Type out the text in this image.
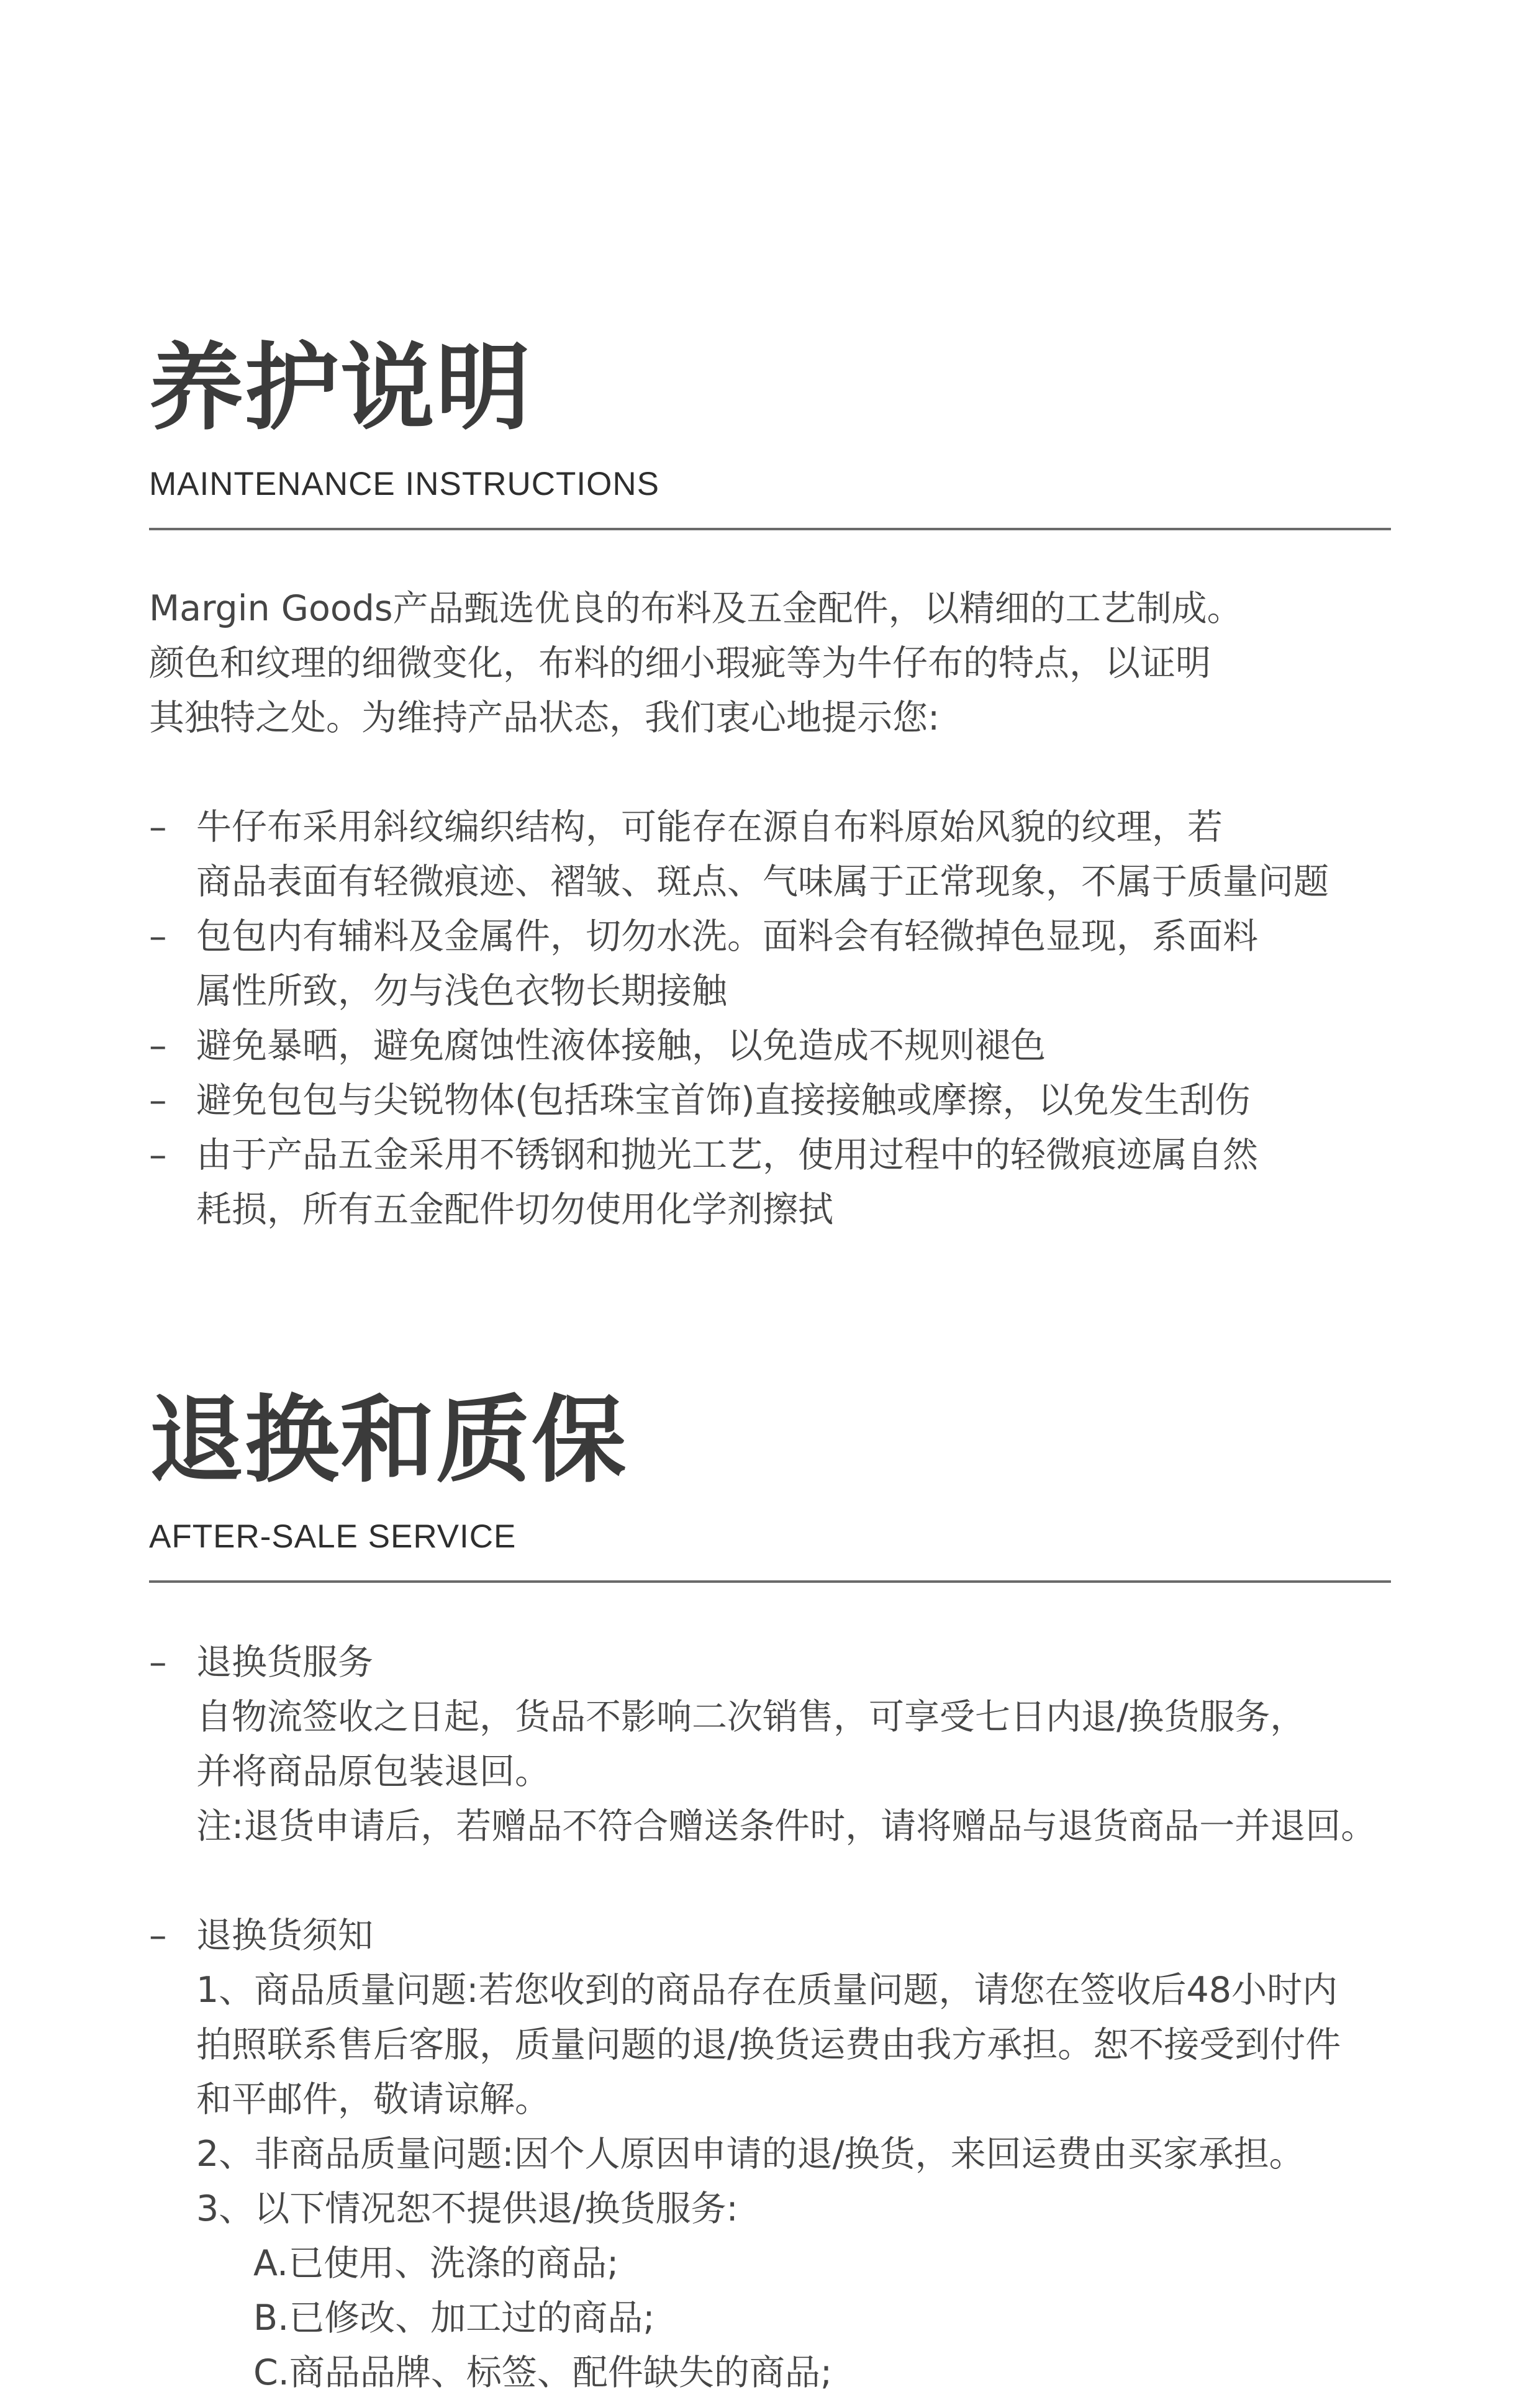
养护说明
MAINTENANCE INSTRUCTIONS
Margin Goods产品甄选优良的布料及五金配件，以精细的工艺制成。
颜色和纹理的细微变化，布料的细小瑕疵等为牛仔布的特点，以证明
其独特之处。为维持产品状态，我们衷心地提示您:
– 牛仔布采用斜纹编织结构，可能存在源自布料原始风貌的纹理，若
商品表面有轻微痕迹、褶皱、斑点、气味属于正常现象，不属于质量问题
– 包包内有辅料及金属件，切勿水洗。面料会有轻微掉色显现，系面料
属性所致，勿与浅色衣物长期接触
– 避免暴晒，避免腐蚀性液体接触，以免造成不规则褪色
– 避免包包与尖锐物体(包括珠宝首饰)直接接触或摩擦，以免发生刮伤
– 由于产品五金采用不锈钢和抛光工艺，使用过程中的轻微痕迹属自然
耗损，所有五金配件切勿使用化学剂擦拭
退换和质保
AFTER-SALE SERVICE
– 退换货服务
自物流签收之日起，货品不影响二次销售，可享受七日内退/换货服务，
并将商品原包装退回。
注:退货申请后，若赠品不符合赠送条件时，请将赠品与退货商品一并退回。
– 退换货须知
1、商品质量问题:若您收到的商品存在质量问题，请您在签收后48小时内
拍照联系售后客服，质量问题的退/换货运费由我方承担。恕不接受到付件
和平邮件，敬请谅解。
2、非商品质量问题:因个人原因申请的退/换货，来回运费由买家承担。
3、以下情况恕不提供退/换货服务:
A.已使用、洗涤的商品;
B.已修改、加工过的商品;
C.商品品牌、标签、配件缺失的商品;
